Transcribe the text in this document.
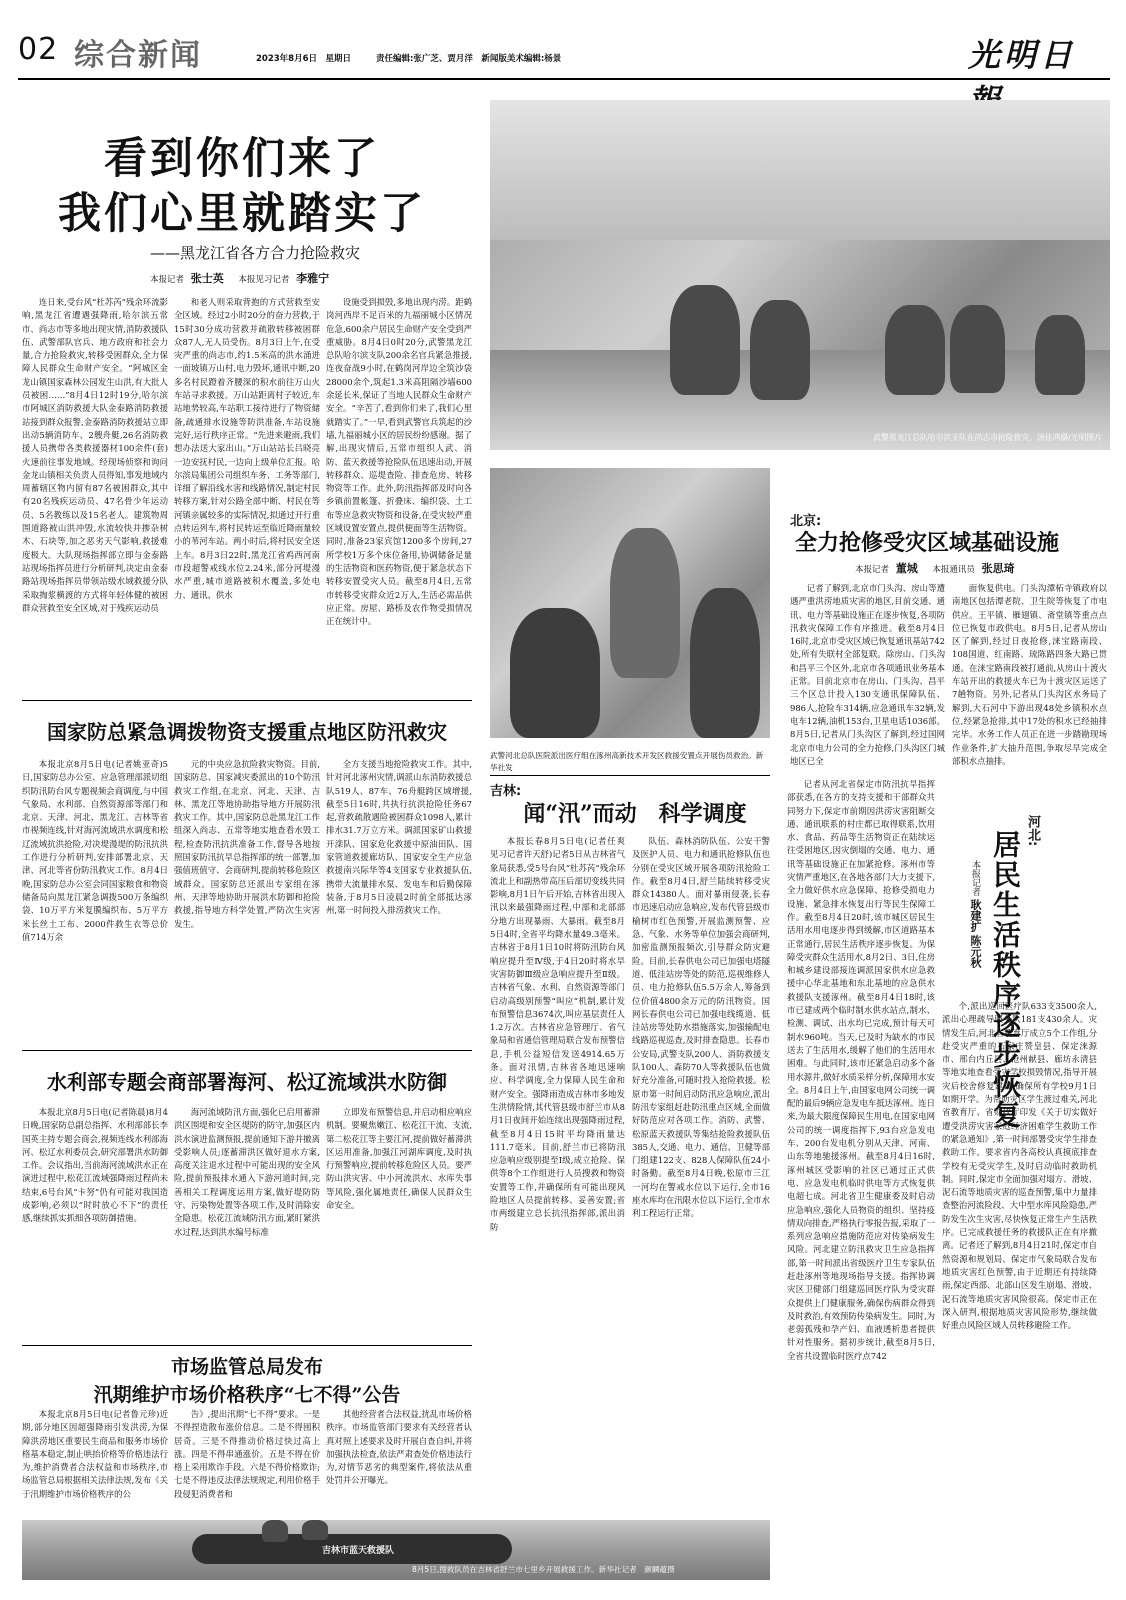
02 综合新闻	2023年8月6日　星期日	责任编辑:张广芝、贾月洋　新闻版美术编辑:杨景	光明日
看到你们来了
我们心里就踏实了
——黑龙江省各方合力抢险救灾
本报记者 张士英 本报见习记者 李雅宁

连日来,受台风“杜苏芮”残余环流影响,黑龙江省遭遇强降雨,哈尔滨五常市、尚志市等多地出现灾情,消防救援队伍、武警部队官兵、地方政府和社会力量,合力抢险救灾,转移受困群众,全力保障人民群众生命财产安全。“阿城区金龙山镇国家森林公园发生山洪,有大批人员被困……”8月4日12时19分,哈尔滨市阿城区消防救援大队金泰路消防救援站接到群众报警,金泰路消防救援站立即出动5辆消防车、2艘舟艇,26名消防救援人员携带各类救援器材100余件(套)火速前往事发地域。经现场侦察和询问金龙山镇相关负责人员得知,事发地域内周蓄辖区物内留有87名被困群众,其中有20名残疾运动员、47名骨少年运动员、5名教练以及15名老人。建筑物周围道路被山洪冲毁,水流较快并掺杂树木、石块等,加之恶劣天气影响,救援难度极大。大队现场指挥部立即与金泰路站现场指挥员进行分析研判,决定由金泰路站现场指挥员带领站级水域救援分队采取掏浆横渡的方式将年轻体健的被困群众营救至安全区域,对于残疾运动员

和老人则采取背抱的方式营救至安全区域。经过2小时20分的奋力营救,于15时30分成功营救并疏散转移被困群众87人,无人员受伤。8月3日上午,在受灾严重的尚志市,约1.5米高的洪水涌进一面坡镇万山村,电力毁坏,通讯中断,20多名村民蹬着齐腰深的积水前往万山火车站寻求救援。万山站距离村子较近,车站地势较高,车站职工接待进行了物资储备,疏通排水设施等防洪准备,车站设施完好,运行秩序正常。“先进来避雨,我们想办法送大家出山。”万山站站长吕晓亮一边安抚村民,一边向上级单位汇报。哈尔滨局集团公司组织车务、工务等部门,详细了解沿线水害和线路情况,制定村民转移方案,针对公路全部中断、村民在等河镇亲属较多的实际情况,拟通过开行重点转运列车,将村民转运至临近降雨量较小的苇河车站。两小时后,将村民安全送上车。8月3日22时,黑龙江省鸡西河南市段超警戒线水位2.24米,部分河堤漫水严重,城市道路被积水覆盖,多处电力、通讯、供水

设施受到损毁,多地出现内涝。距鹤岗河西岸不足百米的九福丽城小区情况危急,600余户居民生命财产安全受到严重威胁。8月4日0时20分,武警黑龙江总队哈尔滨支队200余名官兵紧急推援,连夜奋战9小时,在鹤岗河岸边全筑沙袋28000余个,筑起1.3米高阻隔沙墙600余延长米,保证了当地人民群众生命财产安全。“辛苦了,看到你们来了,我们心里就踏实了。”一早,看到武警官兵筑起的沙墙,九福丽城小区的居民纷纷感谢。据了解,出现灾情后,五常市组织人武、消防、蓝天救援等抢险队伍迅速出动,开展转移群众、巡堤查险、排查危房、转移物资等工作。此外,防汛指挥部及时向各乡镇前置帐篷、折叠床、编织袋、土工布等应急救灾物资和设备,在受灾较严重区域设置安置点,提供便面等生活物资。同时,准备23家宾馆1200多个房间,27所学校1万多个床位备用,协调储备足量的生活物资和医药物资,便于紧急状态下转移安置受灾人员。截至8月4日,五常市转移受灾群众近2万人,生活必需品供应正常。房屋、路桥及农作物受损情况正在统计中。

武警黑龙江总队哈尔滨支队在尚志市抢险救灾。汤佳鸿摄/光明图片

武警河北总队医院派出医疗组在涿州高新技术开发区救援安置点开展伤员救治。新华社发

北京:
全力抢修受灾区域基础设施
本报记者 董城 本报通讯员 张思琦

记者了解到,北京市门头沟、房山等遭遇严重洪涝地质灾害的地区,目前交通、通讯、电力等基础设施正在逐步恢复,各项防汛救灾保障工作有序推进。截至8月4日16时,北京市受灾区域已恢复通讯基站742处,所有失联村全部复联。除房山、门头沟和昌平三个区外,北京市各项通讯业务基本正常。目前北京市在房山、门头沟、昌平三个区总计投入130支通讯保障队伍、986人,抢险车314辆,应急通讯车32辆,发电车12辆,油机153台,卫星电话1036部。8月5日,记者从门头沟区了解到,经过国网北京市电力公司的全力抢修,门头沟区门城地区已全

面恢复供电。门头沟潭柘寺镇政府以南地区包括潭老院、卫生院等恢复了市电供应。王平镇、雁翅镇、斋堂镇等重点点位已恢复市政供电。8月5日,记者从房山区了解到,经过日夜抢修,涞宝路南段、108国道、红南路、琉陈路四条大路已贯通。在涞宝路南段被打通前,从房山十渡火车站开出的救援火车已为十渡灾区运送了7趟物资。另外,记者从门头沟区水务局了解到,大石河中下游出现48处乡镇积水点位,经紧急抢排,其中17处的积水已经抽排完毕。水务工作人员正在进一步踏勘现场作业条件,扩大抽升范围,争取尽早完成全部积水点抽排。

国家防总紧急调拨物资支援重点地区防汛救灾

本报北京8月5日电(记者姚亚奇)5日,国家防总办公室、应急管理部派切组织防汛防台风专题视频会商调度,与中国气象局、水利部、自然资源部等部门和北京、天津、河北、黑龙江、吉林等省市视频连线,针对海河流域洪水调度和松辽流域抗洪抢险,对决堤漫堤的防汛抗洪工作进行分析研判,安排部署北京、天津、河北等省份防汛救灾工作。8月4日晚,国家防总办公室会同国家粮食和物资储备局向黑龙江紧急调拨500万条编织袋、10万平方米复膜编织布、5万平方米长丝土工布、2000件救生衣等总价值714万余

元的中央应急抗险救灾物资。目前,国家防总、国家减灾委派出的10个防汛救灾工作组,在北京、河北、天津、吉林、黑龙江等地协助指导地方开展防汛救灾工作。其中,国家防总赴黑龙江工作组深入尚志、五常等地实地查看水毁工程,检查防汛抗洪准备工作,督导各地按照国家防汛抗旱总指挥部的统一部署,加强值班值守、会商研判,提前转移危险区域群众。国家防总还派出专家组在涿州、天津等地协助开展洪水防御和抢险救援,指导地方科学处置,严防次生灾害发生。

全方支援当地抢险救灾工作。其中,针对河北涿州灾情,调派山东消防救援总队519人、87车、76舟艇跨区域增援,截至5日16时,共执行抗洪抢险任务67起,营救疏散遇险被困群众1098人,累计排水31.7万立方米。调派国家矿山救援开滦队、国家危化救援中原油田队、国家管道救援廊坊队、国家安全生产应急救援南兴际华等4支国家专业救援队伍,携带大流量排水泵、发电车和后勤保障装备,于8月5日凌晨2时前全部抵达涿州,第一时间投入排涝救灾工作。

水利部专题会商部署海河、松辽流域洪水防御

本报北京8月5日电(记者陈晨)8月4日晚,国家防总副总指挥、水利部部长李国英主持专题会商会,视频连线水利部海河、松辽水利委员会,研究部署洪水防御工作。会议指出,当前海河流域洪水正在演进过程中,松花江流域强降雨过程尚未结束,6号台风“卡努”仍有可能对我国造成影响,必须以“时时放心不下”的责任感,继续抓实抓细各项防御措施。

海河流域防汛方面,强化已启用蓄滞洪区围堤和安全区堤防的防守,加强区内洪水演进监测预报,提前通知下游并撤离受影响人员;逐蓄滞洪区做好退水方案,高度关注退水过程中可能出现的安全风险,提前预报排水通入下游河道时间,完善相关工程调度运用方案,做好堤防防守、污染物处置等各项工作,及时消除安全隐患。松花江流域防汛方面,紧盯紧洪水过程,达到洪水编号标准

立即发布预警信息,并启动相应响应机制。要聚焦嫩江、松花江干流、支流,第二松花江等主要江河,提前做好蓄滞洪区运用准备,加强江河湖库调度,及时执行预警响应,提前转移危险区人员。要严防山洪灾害、中小河流洪水、水库失事等风险,强化属地责任,确保人民群众生命安全。

市场监管总局发布
汛期维护市场价格秩序“七不得”公告

本报北京8月5日电(记者鲁元珍)近期,部分地区因超强降雨引发洪涝,为保障洪涝地区重要民生商品和服务市场价格基本稳定,制止哄抬价格等价格违法行为,维护消费者合法权益和市场秩序,市场监管总局根据相关法律法规,发布《关于汛期维护市场价格秩序的公

告》,提出汛期“七不得”要求。一是不得捏造散布涨价信息。二是不得囤积居奇。三是不得推动价格过快过高上涨。四是不得串通涨价。五是不得在价格上采用欺诈手段。六是不得价格欺诈;七是不得违反法律法规规定,利用价格手段侵犯消费者和

其他经营者合法权益,扰乱市场价格秩序。市场监管部门要求有关经营者认真对照上述要求及时开展自查自纠,并将加强执法检查,依法严肃查处价格违法行为,对情节恶劣的典型案件,将依法从重处罚并公开曝光。

吉林:
闻“汛”而动　科学调度

本报长春8月5日电(记者任爽　见习记者许天舒)记者5日从吉林省气象局获悉,受5号台风“杜苏芮”残余环流北上和副热带高压后部切变线共同影响,8月1日午后开始,吉林省出现入汛以来最强降雨过程,中部和北部部分地方出现暴雨、大暴雨。截至8月5日4时,全省平均降水量49.3毫米。吉林省于8月1日10时将防汛防台风响应提升至Ⅳ级,于4日20时将水旱灾害防御Ⅲ级应急响应提升至Ⅱ级。吉林省气象、水利、自然资源等部门启动高级别预警“叫应”机制,累计发布预警信息3674次,叫应基层责任人1.2万次。吉林省应急管理厅、省气象局和省通信管理局联合发布预警信息,手机公益短信发送4914.65万条。面对汛情,吉林省各地迅速响应、科学调度,全力保障人民生命和财产安全。强降雨造成吉林市多地发生洪情险情,其代管县级市舒兰市从8月1日夜间开始连续出现强降雨过程,截至8月4日15时平均降雨量达111.7毫米。目前,舒兰市已将防汛应急响应级别提至Ⅰ级,成立抢险、保供等8个工作组进行人员搜救和物资安置等工作,并确保所有可能出现风险地区人员提前转移、妥善安置;省市两级建立总长抗汛指挥部,派出消防

队伍、森林消防队伍、公安干警及医护人员、电力和通讯抢修队伍也分别在受灾区域开展各项防汛抢险工作。截至8月4日,舒兰陆续转移受灾群众14380人。面对暴雨侵袭,长春市迅速启动应急响应,发布代管县级市榆树市红色预警,开展监测预警、应急、气象、水务等单位加强会商研判,加密监测预报频次,引导群众防灾避险。目前,长春供电公司已加强电塔隧道、低洼站房等处的防范,巡视维修人员、电力抢修队伍5.5万余人,筹备到位价值4800余万元的防汛物资。国网长春供电公司已加强电线缆道、低洼站房等处防水措施落实,加强输配电线路巡视巡查,及时排查隐患。长春市公安局,武警支队200人、消防救援支队100人、森防70人等救援队伍也做好充分准备,可随时投入抢险救援。松原市第一时间启动防汛应急响应,派出防汛专家组赶赴防汛重点区域,全面做好防范应对各项工作。消防、武警、松原蓝天救援队等集结抢险救援队伍385人,交通、电力、通信、卫健等部门组建122支、828人保障队伍24小时备勤。截至8月4日晚,松原市三江一河均在警戒水位以下运行,全市16座水库均在汛限水位以下运行,全市水利工程运行正常。

河北:
居民生活秩序逐步恢复
本报记者 耿建扩 陈元秋

记者从河北省保定市防汛抗旱指挥部获悉,在各方的支持支援和干部群众共同努力下,保定市前期因洪涝灾害阻断交通、通讯联系的村庄都已取得联系,饮用水、食品、药品等生活物资正在陆续运往受困地区,因灾倒塌的交通、电力、通讯等基础设施正在加紧抢修。涿州市等灾情严重地区,在各地各部门大力支援下,全力做好供水应急保障、抢修受损电力设施、紧急排水恢复出行等民生保障工作。截至8月4日20时,该市城区居民生活用水用电逐步得到缓解,市区道路基本正常通行,居民生活秩序逐步恢复。为保障受灾群众生活用水,8月2日、3日,住房和城乡建设部接连调派国家供水应急救援中心华北基地和东北基地的应急供水救援队支援涿州。截至8月4日18时,该市已建成两个临时制水供水站点,制水、检测、调试、出水均已完成,预计每天可制水960吨。当天,已及时为缺水的市民送去了生活用水,缓解了他们的生活用水困难。与此同时,该市还紧急启动多个备用水源井,做好水质采样分析,保障用水安全。8月4日上午,由国家电网公司统一调配的最后9辆应急发电车抵达涿州。连日来,为最大限度保障民生用电,在国家电网公司的统一调度指挥下,93台应急发电车、200台发电机分别从天津、河南、山东等地驰援涿州。截至8月4日16时,涿州城区受影响的社区已通过正式供电、应急发电机临时供电等方式恢复供电超七成。河北省卫生健康委及时启动应急响应,强化人员物资的组织、坚持疫情双向排查,严格执行零报告报,采取了一系列应急响应措施防范应对传染病发生风险。河北建立防汛救灾卫生应急指挥部,第一时间派出省级医疗卫生专家队伍赶赴涿州等地现场指导支援。指挥协调灾区卫健部门组建巡回医疗队为受灾群众提供上门健康服务,确保伤病群众得到及时救治,有效预防传染病发生。同时,为老弱孤残和孕产妇、血液透析患者提供针对性服务。据初步统计,截至8月5日,全省共设置临时医疗点742

个,派出巡回医疗队633支3500余人,派出心理疏导服务队181支430余人。灾情发生后,河北省教育厅成立5个工作组,分赴受灾严重的石家庄赞皇县、保定涞源市、邢台内丘县、沧州献县、廊坊永清县等地实地查看受灾学校损毁情况,指导开展灾后校舍修复建设,确保所有学校9月1日如期开学。为帮助灾区学生渡过难关,河北省教育厅、省财政厅印发《关于切实做好遭受洪涝灾害家庭经济困难学生救助工作的紧急通知》,第一时间部署受灾学生排查救助工作。要求省内各高校认真摸底排查学校有无受灾学生,及时启动临时救助机制。同时,保定市全面加强对塌方、滑坡、泥石流等地质灾害的巡查预警,集中力量排查整治河流险段、大中型水库风险隐患,严防发生次生灾害,尽快恢复正常生产生活秩序。已完成救援任务的救援队正在有序撤离。记者还了解到,8月4日21时,保定市自然资源和规划局、保定市气象局联合发布地质灾害红色预警,由于近期还有持续降雨,保定西部、北部山区发生崩塌、滑坡、泥石流等地质灾害风险很高。保定市正在深入研判,根据地质灾害风险形势,继续做好重点风险区域人员转移避险工作。

吉林市蓝天救援队
8月5日,搜救队员在吉林省舒兰市七里乡开展救援工作。新华社记者　颜麟蕴摄
